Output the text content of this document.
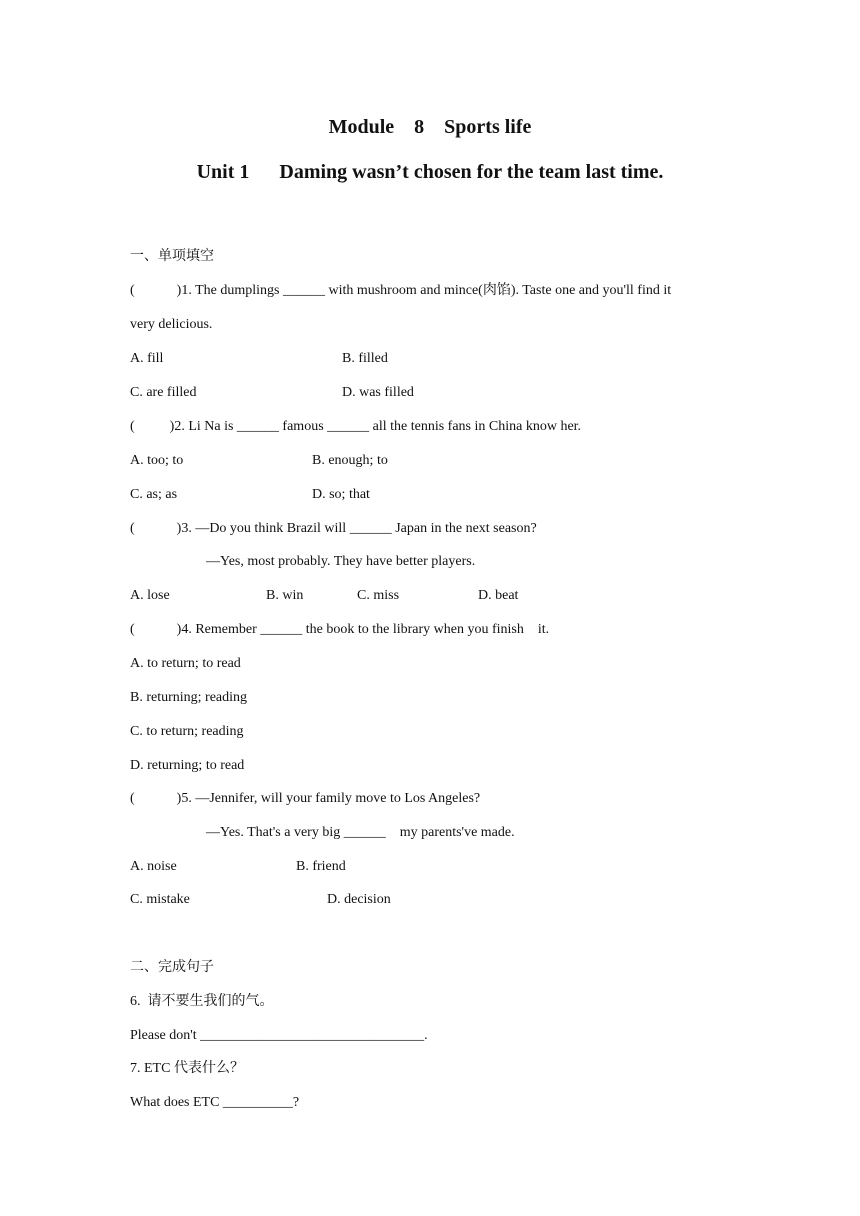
Module    8    Sports life
Unit 1      Daming wasn’t chosen for the team last time.
一、单项填空
(            )1. The dumplings ______ with mushroom and mince(肉馅). Taste one and you'll find it
very delicious.
A. fill	B. filled
C. are filled	D. was filled
(          )2. Li Na is ______ famous ______ all the tennis fans in China know her.
A. too; to	B. enough; to
C. as; as	D. so; that
(            )3. —Do you think Brazil will ______ Japan in the next season?
—Yes, most probably. They have better players.
A. lose	B. win	C. miss	D. beat
(            )4. Remember ______ the book to the library when you finish    it.
A. to return; to read
B. returning; reading
C. to return; reading
D. returning; to read
(            )5. —Jennifer, will your family move to Los Angeles?
—Yes. That's a very big ______    my parents've made.
A. noise	B. friend
C. mistake	D. decision
二、完成句子
6.  请不要生我们的气。
Please don't ________________________________.
7. ETC 代表什么？
What does ETC __________?
